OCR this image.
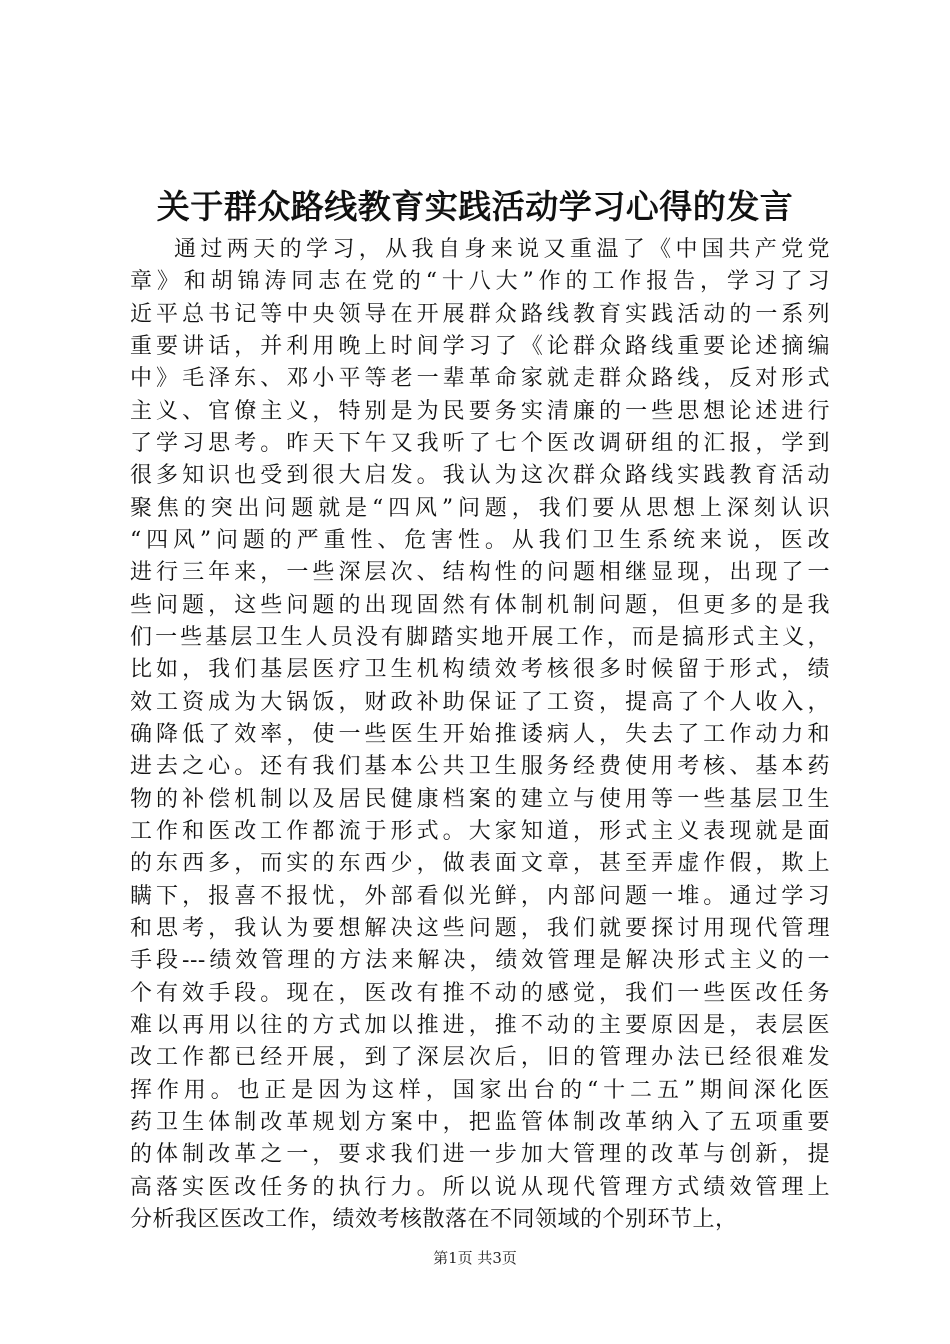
关于群众路线教育实践活动学习心得的发言
通过两天的学习，从我自身来说又重温了《中国共产党党
章》和胡锦涛同志在党的“十八大”作的工作报告，学习了习
近平总书记等中央领导在开展群众路线教育实践活动的一系列
重要讲话，并利用晚上时间学习了《论群众路线重要论述摘编
中》毛泽东、邓小平等老一辈革命家就走群众路线，反对形式
主义、官僚主义，特别是为民要务实清廉的一些思想论述进行
了学习思考。昨天下午又我听了七个医改调研组的汇报，学到
很多知识也受到很大启发。我认为这次群众路线实践教育活动
聚焦的突出问题就是“四风”问题，我们要从思想上深刻认识
“四风”问题的严重性、危害性。从我们卫生系统来说，医改
进行三年来，一些深层次、结构性的问题相继显现，出现了一
些问题，这些问题的出现固然有体制机制问题，但更多的是我
们一些基层卫生人员没有脚踏实地开展工作，而是搞形式主义，
比如，我们基层医疗卫生机构绩效考核很多时候留于形式，绩
效工资成为大锅饭，财政补助保证了工资，提高了个人收入，
确降低了效率，使一些医生开始推诿病人，失去了工作动力和
进去之心。还有我们基本公共卫生服务经费使用考核、基本药
物的补偿机制以及居民健康档案的建立与使用等一些基层卫生
工作和医改工作都流于形式。大家知道，形式主义表现就是面
的东西多，而实的东西少，做表面文章，甚至弄虚作假，欺上
瞒下，报喜不报忧，外部看似光鲜，内部问题一堆。通过学习
和思考，我认为要想解决这些问题，我们就要探讨用现代管理
手段---绩效管理的方法来解决，绩效管理是解决形式主义的一
个有效手段。现在，医改有推不动的感觉，我们一些医改任务
难以再用以往的方式加以推进，推不动的主要原因是，表层医
改工作都已经开展，到了深层次后，旧的管理办法已经很难发
挥作用。也正是因为这样，国家出台的“十二五”期间深化医
药卫生体制改革规划方案中，把监管体制改革纳入了五项重要
的体制改革之一，要求我们进一步加大管理的改革与创新，提
高落实医改任务的执行力。所以说从现代管理方式绩效管理上
分析我区医改工作，绩效考核散落在不同领域的个别环节上，
第1页 共3页
